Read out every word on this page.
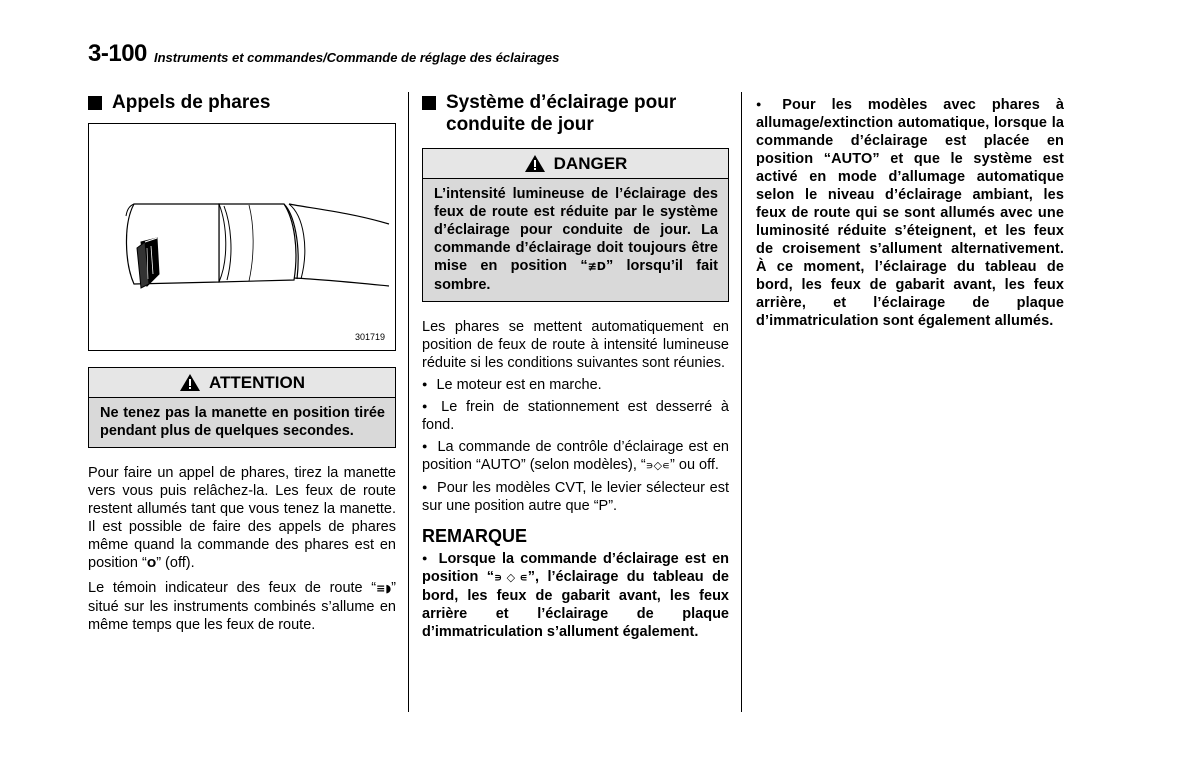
3-100 Instruments et commandes/Commande de réglage des éclairages
Appels de phares
301719
ATTENTION
Ne tenez pas la manette en position tirée pendant plus de quelques secondes.

Pour faire un appel de phares, tirez la manette vers vous puis relâchez-la. Les feux de route restent allumés tant que vous tenez la manette. Il est possible de faire des appels de phares même quand la commande des phares est en position “O” (off).

Le témoin indicateur des feux de route “≡◗” situé sur les instruments combinés s’allume en même temps que les feux de route.

Système d’éclairage pour conduite de jour
DANGER
L’intensité lumineuse de l’éclairage des feux de route est réduite par le système d’éclairage pour conduite de jour. La commande d’éclairage doit toujours être mise en position “≢D” lorsqu’il fait sombre.

Les phares se mettent automatiquement en position de feux de route à intensité lumineuse réduite si les conditions suivantes sont réunies.

● Le moteur est en marche.

● Le frein de stationnement est desserré à fond.

● La commande de contrôle d’éclairage est en position “AUTO” (selon modèles), “∍◇∊” ou off.

● Pour les modèles CVT, le levier sélecteur est sur une position autre que “P”.

REMARQUE

● Lorsque la commande d’éclairage est en position “∍◇∊”, l’éclairage du tableau de bord, les feux de gabarit avant, les feux arrière et l’éclairage de plaque d’immatriculation s’allument également.

● Pour les modèles avec phares à allumage/extinction automatique, lorsque la commande d’éclairage est placée en position “AUTO” et que le système est activé en mode d’allumage automatique selon le niveau d’éclairage ambiant, les feux de route qui se sont allumés avec une luminosité réduite s’éteignent, et les feux de croisement s’allument alternativement. À ce moment, l’éclairage du tableau de bord, les feux de gabarit avant, les feux arrière, et l’éclairage de plaque d’immatriculation sont également allumés.
